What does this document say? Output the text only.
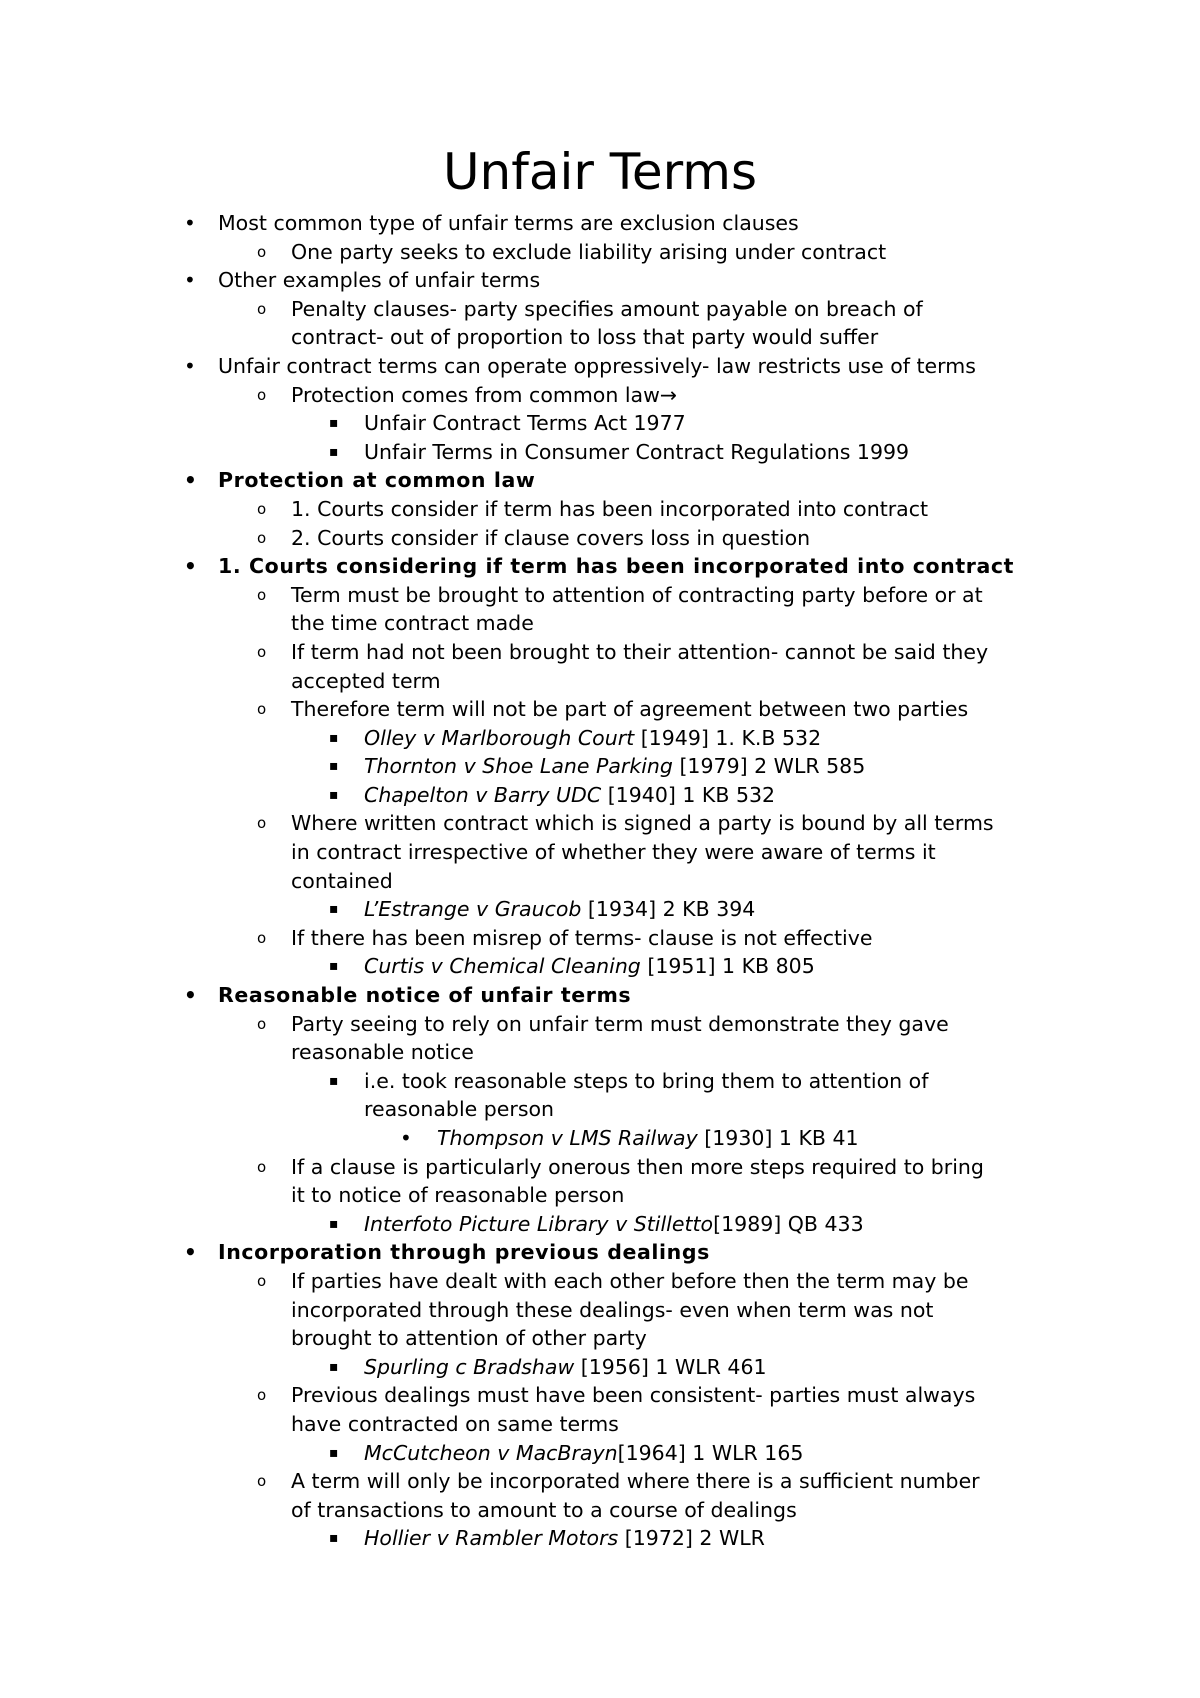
Unfair Terms
• Most common type of unfair terms are exclusion clauses
o One party seeks to exclude liability arising under contract
• Other examples of unfair terms
o Penalty clauses- party specifies amount payable on breach of
contract- out of proportion to loss that party would suffer
• Unfair contract terms can operate oppressively- law restricts use of terms
o Protection comes from common law→
▪ Unfair Contract Terms Act 1977
▪ Unfair Terms in Consumer Contract Regulations 1999
• Protection at common law
o 1. Courts consider if term has been incorporated into contract
o 2. Courts consider if clause covers loss in question
• 1. Courts considering if term has been incorporated into contract
o Term must be brought to attention of contracting party before or at
the time contract made
o If term had not been brought to their attention- cannot be said they
accepted term
o Therefore term will not be part of agreement between two parties
▪ Olley v Marlborough Court [1949] 1. K.B 532
▪ Thornton v Shoe Lane Parking [1979] 2 WLR 585
▪ Chapelton v Barry UDC [1940] 1 KB 532
o Where written contract which is signed a party is bound by all terms
in contract irrespective of whether they were aware of terms it
contained
▪ L’Estrange v Graucob [1934] 2 KB 394
o If there has been misrep of terms- clause is not effective
▪ Curtis v Chemical Cleaning [1951] 1 KB 805
• Reasonable notice of unfair terms
o Party seeing to rely on unfair term must demonstrate they gave
reasonable notice
▪ i.e. took reasonable steps to bring them to attention of
reasonable person
• Thompson v LMS Railway [1930] 1 KB 41
o If a clause is particularly onerous then more steps required to bring
it to notice of reasonable person
▪ Interfoto Picture Library v Stilletto[1989] QB 433
• Incorporation through previous dealings
o If parties have dealt with each other before then the term may be
incorporated through these dealings- even when term was not
brought to attention of other party
▪ Spurling c Bradshaw [1956] 1 WLR 461
o Previous dealings must have been consistent- parties must always
have contracted on same terms
▪ McCutcheon v MacBrayn[1964] 1 WLR 165
o A term will only be incorporated where there is a sufficient number
of transactions to amount to a course of dealings
▪ Hollier v Rambler Motors [1972] 2 WLR
